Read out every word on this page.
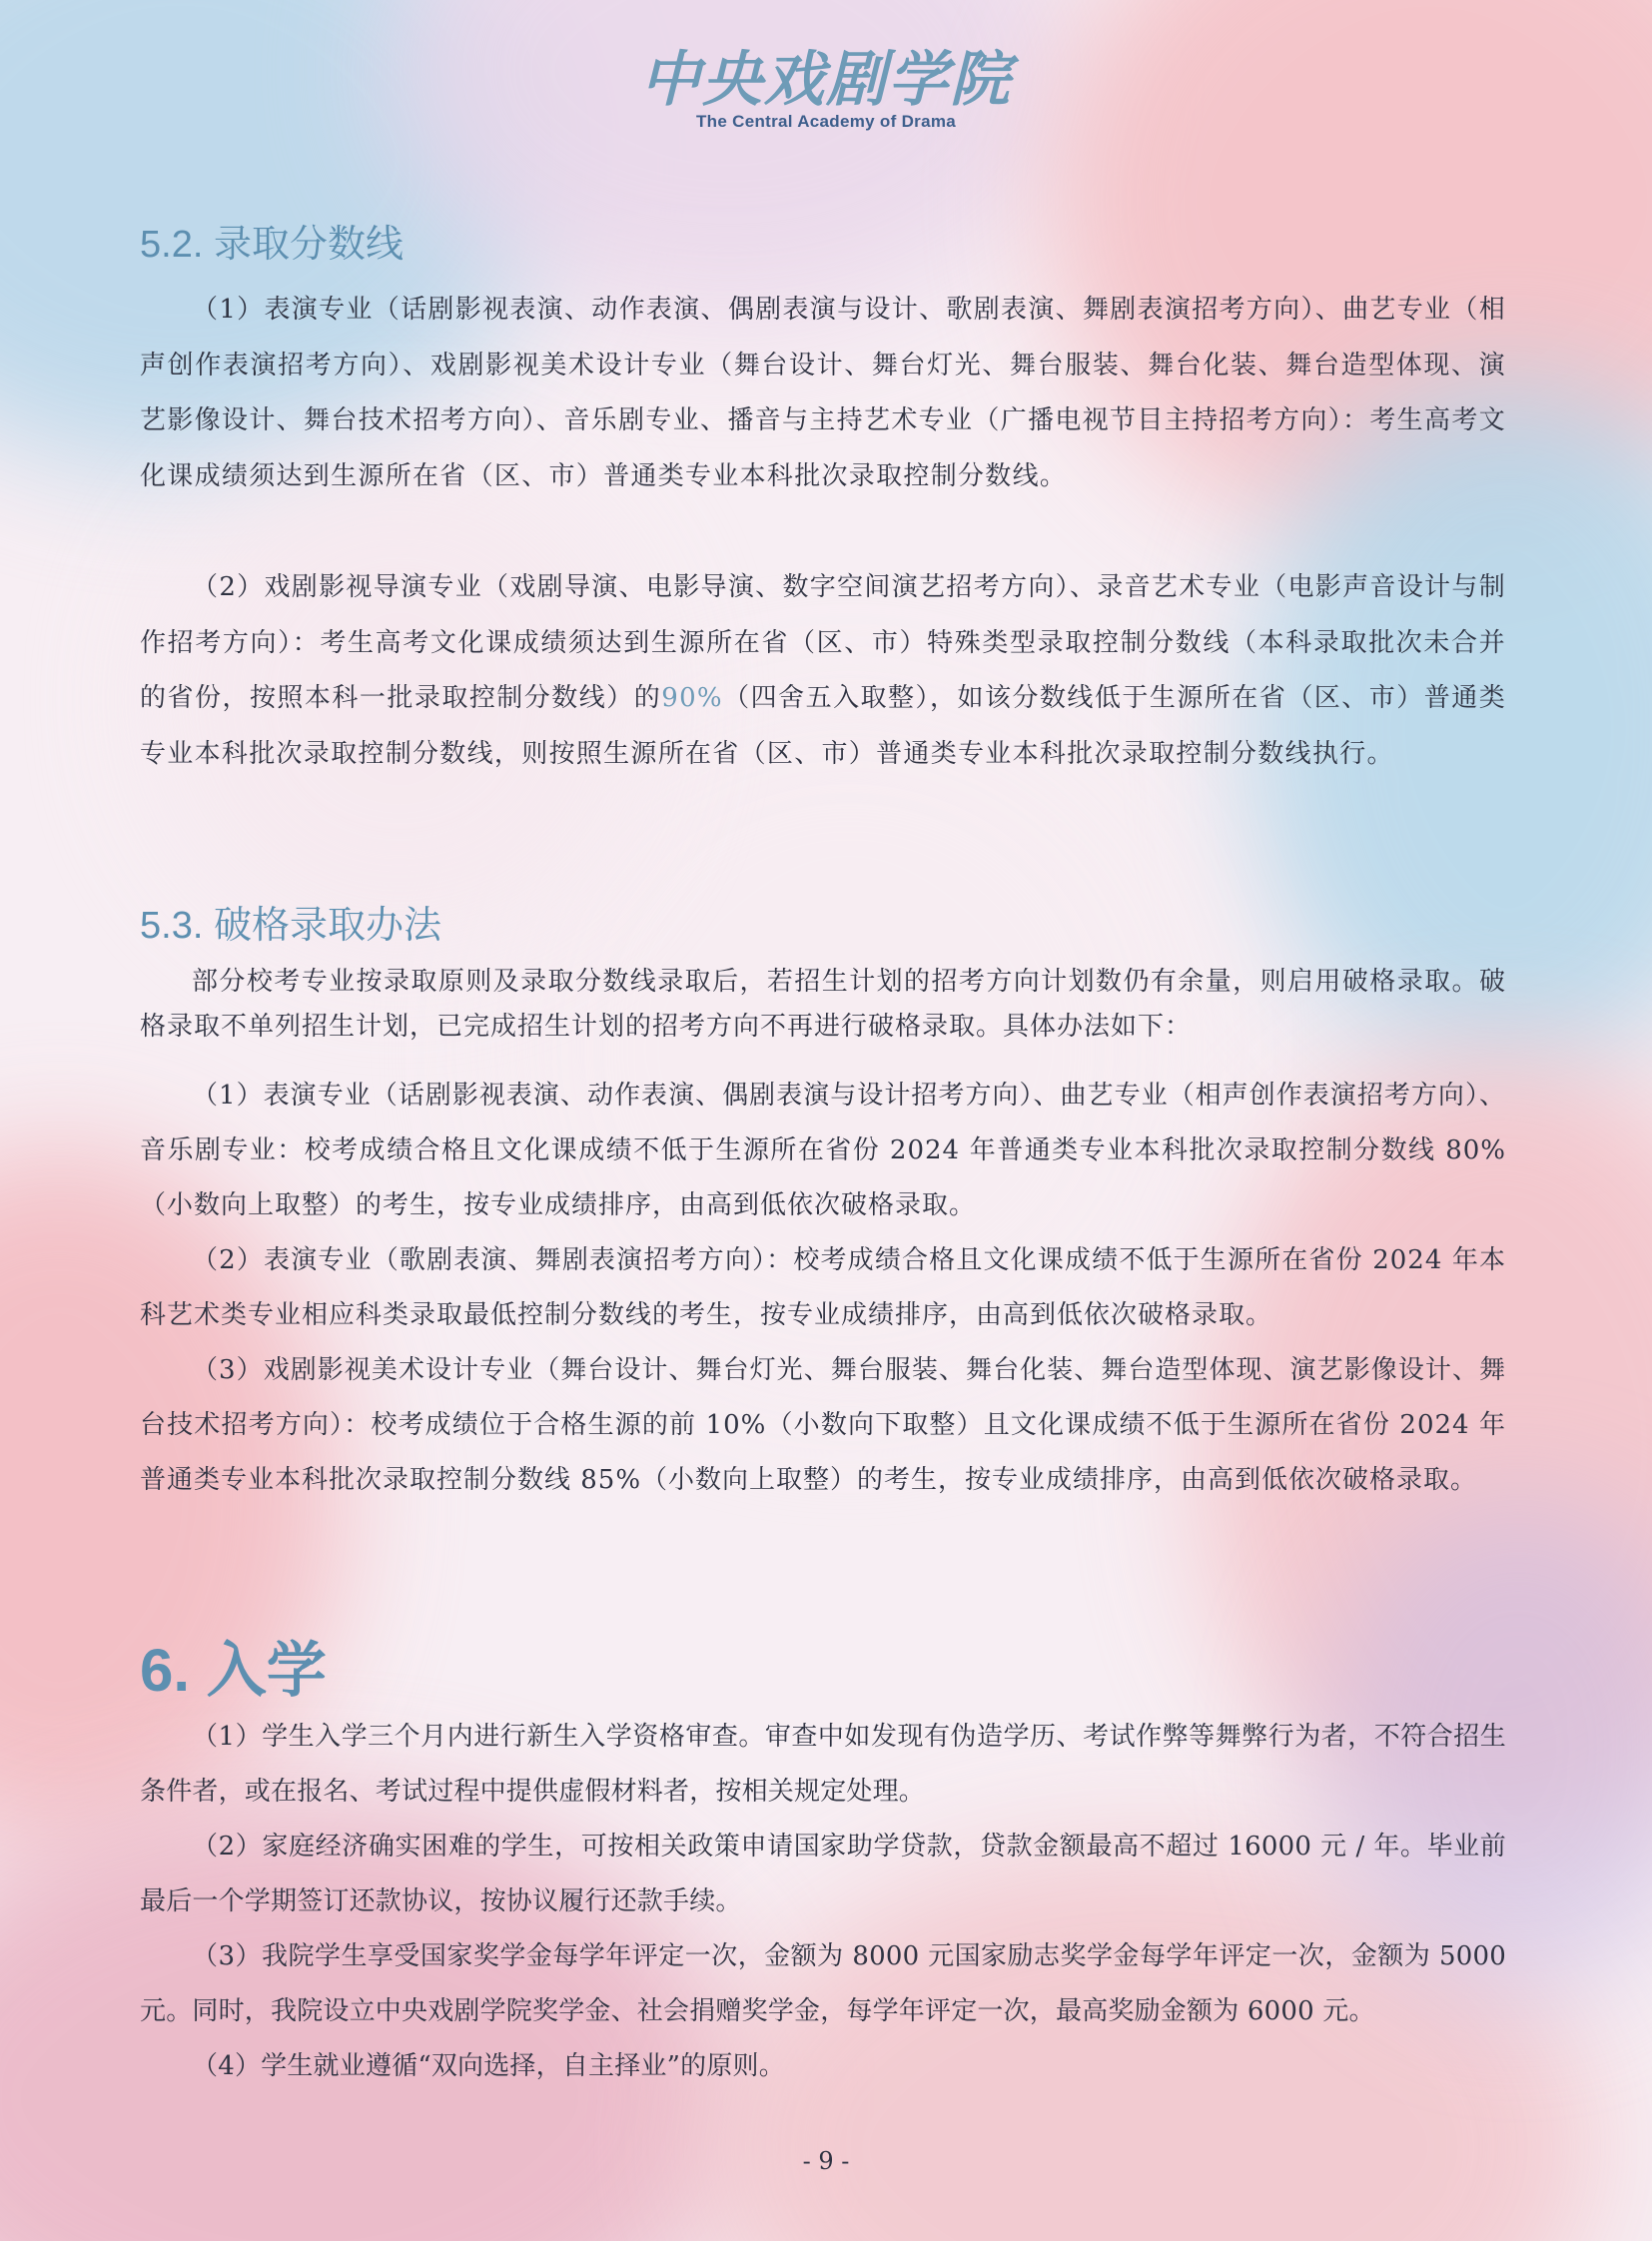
中央戏剧学院
The Central Academy of Drama
5.2. 录取分数线

（1）表演专业（话剧影视表演、动作表演、偶剧表演与设计、歌剧表演、舞剧表演招考方向）、曲艺专业（相声创作表演招考方向）、戏剧影视美术设计专业（舞台设计、舞台灯光、舞台服装、舞台化装、舞台造型体现、演艺影像设计、舞台技术招考方向）、音乐剧专业、播音与主持艺术专业（广播电视节目主持招考方向）：考生高考文化课成绩须达到生源所在省（区、市）普通类专业本科批次录取控制分数线。

（2）戏剧影视导演专业（戏剧导演、电影导演、数字空间演艺招考方向）、录音艺术专业（电影声音设计与制作招考方向）：考生高考文化课成绩须达到生源所在省（区、市）特殊类型录取控制分数线（本科录取批次未合并的省份，按照本科一批录取控制分数线）的90%（四舍五入取整），如该分数线低于生源所在省（区、市）普通类专业本科批次录取控制分数线，则按照生源所在省（区、市）普通类专业本科批次录取控制分数线执行。

5.3. 破格录取办法

部分校考专业按录取原则及录取分数线录取后，若招生计划的招考方向计划数仍有余量，则启用破格录取。破格录取不单列招生计划，已完成招生计划的招考方向不再进行破格录取。具体办法如下：

（1）表演专业（话剧影视表演、动作表演、偶剧表演与设计招考方向）、曲艺专业（相声创作表演招考方向）、音乐剧专业：校考成绩合格且文化课成绩不低于生源所在省份 2024 年普通类专业本科批次录取控制分数线 80%（小数向上取整）的考生，按专业成绩排序，由高到低依次破格录取。

（2）表演专业（歌剧表演、舞剧表演招考方向）：校考成绩合格且文化课成绩不低于生源所在省份 2024 年本科艺术类专业相应科类录取最低控制分数线的考生，按专业成绩排序，由高到低依次破格录取。

（3）戏剧影视美术设计专业（舞台设计、舞台灯光、舞台服装、舞台化装、舞台造型体现、演艺影像设计、舞台技术招考方向）：校考成绩位于合格生源的前 10%（小数向下取整）且文化课成绩不低于生源所在省份 2024 年普通类专业本科批次录取控制分数线 85%（小数向上取整）的考生，按专业成绩排序，由高到低依次破格录取。

6. 入学

（1）学生入学三个月内进行新生入学资格审查。审查中如发现有伪造学历、考试作弊等舞弊行为者，不符合招生条件者，或在报名、考试过程中提供虚假材料者，按相关规定处理。

（2）家庭经济确实困难的学生，可按相关政策申请国家助学贷款，贷款金额最高不超过 16000 元 / 年。毕业前最后一个学期签订还款协议，按协议履行还款手续。

（3）我院学生享受国家奖学金每学年评定一次，金额为 8000 元国家励志奖学金每学年评定一次，金额为 5000 元。同时，我院设立中央戏剧学院奖学金、社会捐赠奖学金，每学年评定一次，最高奖励金额为 6000 元。

（4）学生就业遵循“双向选择，自主择业”的原则。

- 9 -
